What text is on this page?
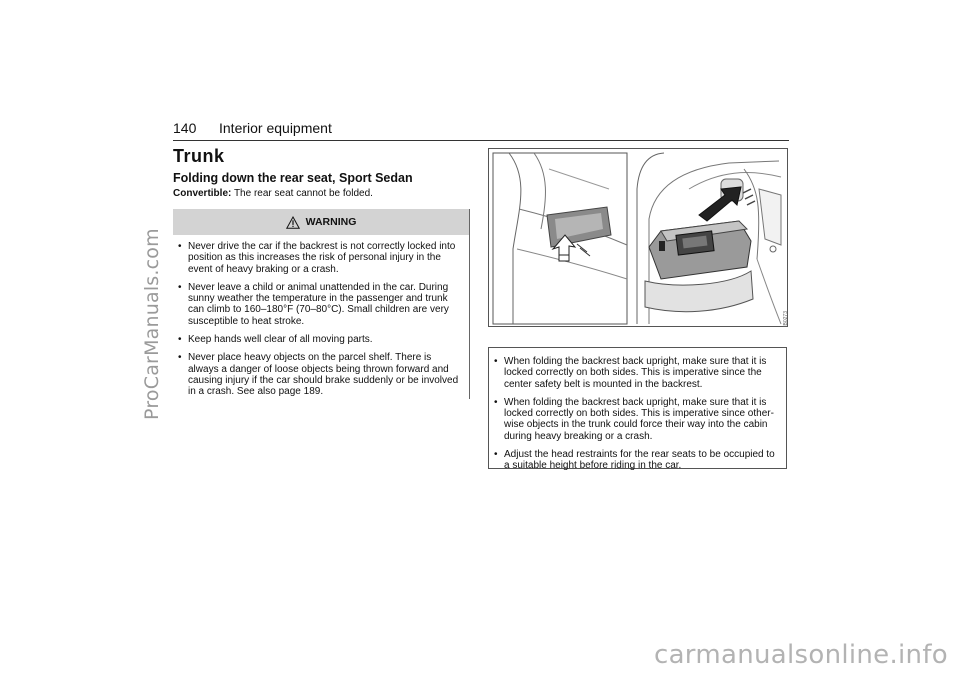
ProCarManuals.com
140 Interior equipment
Trunk
Folding down the rear seat, Sport Sedan
Convertible: The rear seat cannot be folded.
WARNING
• Never drive the car if the backrest is not correctly locked into position as this increases the risk of personal injury in the event of heavy braking or a crash.
• Never leave a child or animal unattended in the car. During sunny weather the temperature in the passenger and trunk can climb to 160–180°F (70–80°C). Small children are very susceptible to heat stroke.
• Keep hands well clear of all moving parts.
• Never place heavy objects on the parcel shelf. There is always a danger of loose objects being thrown forward and causing injury if the car should brake suddenly or be involved in a crash. See also page 189.
IB0273
• When folding the backrest back upright, make sure that it is locked correctly on both sides. This is imperative since the center safety belt is mounted in the backrest.
• When folding the backrest back upright, make sure that it is locked correctly on both sides. This is imperative since other-wise objects in the trunk could force their way into the cabin during heavy breaking or a crash.
• Adjust the head restraints for the rear seats to be occupied to a suitable height before riding in the car.
carmanualsonline.info
